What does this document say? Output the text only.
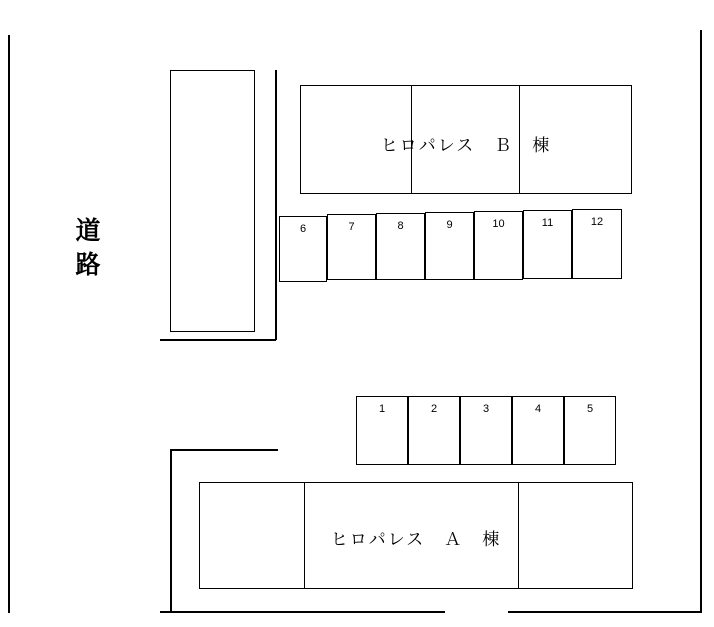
道
路
ヒロパレス　Ｂ　棟
6	7	8	9	10	11	12
1	2	3	4	5
ヒロパレス　Ａ　棟
